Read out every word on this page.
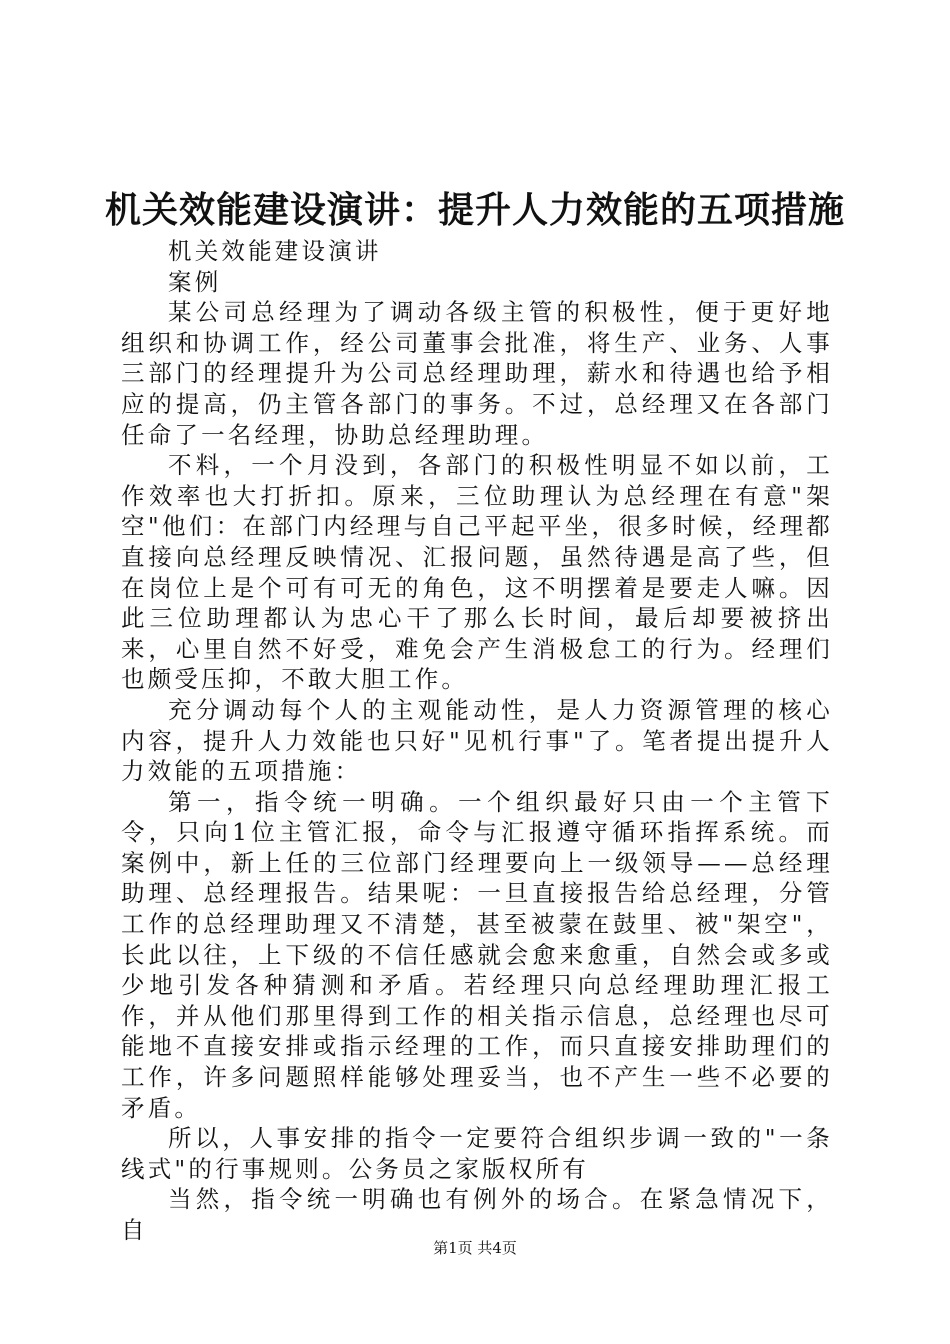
机关效能建设演讲：提升人力效能的五项措施

机关效能建设演讲

案例

某公司总经理为了调动各级主管的积极性，便于更好地组织和协调工作，经公司董事会批准，将生产、业务、人事三部门的经理提升为公司总经理助理，薪水和待遇也给予相应的提高，仍主管各部门的事务。不过，总经理又在各部门任命了一名经理，协助总经理助理。

不料，一个月没到，各部门的积极性明显不如以前，工作效率也大打折扣。原来，三位助理认为总经理在有意"架空"他们：在部门内经理与自己平起平坐，很多时候，经理都直接向总经理反映情况、汇报问题，虽然待遇是高了些，但在岗位上是个可有可无的角色，这不明摆着是要走人嘛。因此三位助理都认为忠心干了那么长时间，最后却要被挤出来，心里自然不好受，难免会产生消极怠工的行为。经理们也颇受压抑，不敢大胆工作。

充分调动每个人的主观能动性，是人力资源管理的核心内容，提升人力效能也只好"见机行事"了。笔者提出提升人力效能的五项措施：

第一，指令统一明确。一个组织最好只由一个主管下令，只向1位主管汇报，命令与汇报遵守循环指挥系统。而案例中，新上任的三位部门经理要向上一级领导——总经理助理、总经理报告。结果呢：一旦直接报告给总经理，分管工作的总经理助理又不清楚，甚至被蒙在鼓里、被"架空"，长此以往，上下级的不信任感就会愈来愈重，自然会或多或少地引发各种猜测和矛盾。若经理只向总经理助理汇报工作，并从他们那里得到工作的相关指示信息，总经理也尽可能地不直接安排或指示经理的工作，而只直接安排助理们的工作，许多问题照样能够处理妥当，也不产生一些不必要的矛盾。

所以，人事安排的指令一定要符合组织步调一致的"一条线式"的行事规则。公务员之家版权所有

当然，指令统一明确也有例外的场合。在紧急情况下，自

第1页 共4页
